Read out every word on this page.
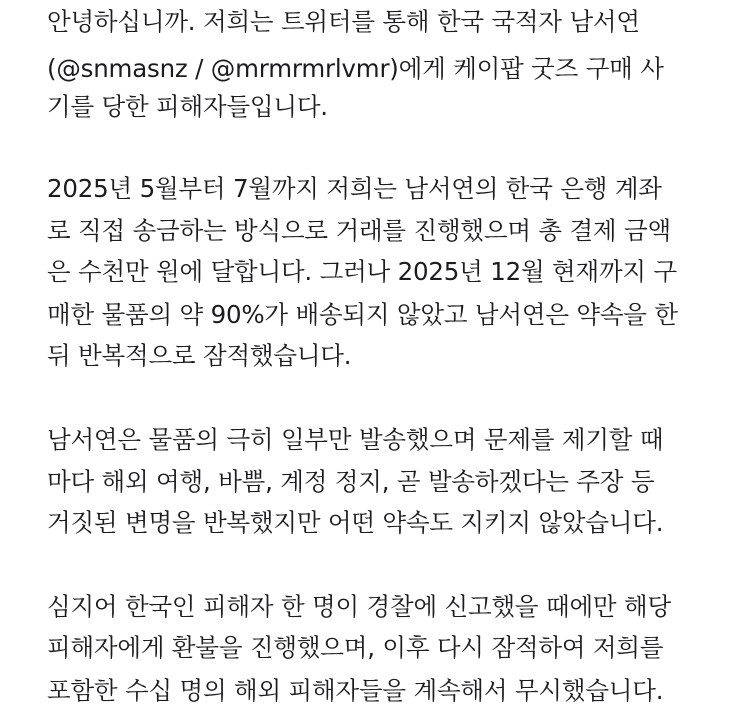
안녕하십니까. 저희는 트위터를 통해 한국 국적자 남서연
(@snmasnz / @mrmrmrlvmr)에게 케이팝 굿즈 구매 사
기를 당한 피해자들입니다.
2025년 5월부터 7월까지 저희는 남서연의 한국 은행 계좌
로 직접 송금하는 방식으로 거래를 진행했으며 총 결제 금액
은 수천만 원에 달합니다. 그러나 2025년 12월 현재까지 구
매한 물품의 약 90%가 배송되지 않았고 남서연은 약속을 한
뒤 반복적으로 잠적했습니다.
남서연은 물품의 극히 일부만 발송했으며 문제를 제기할 때
마다 해외 여행, 바쁨, 계정 정지, 곧 발송하겠다는 주장 등
거짓된 변명을 반복했지만 어떤 약속도 지키지 않았습니다.
심지어 한국인 피해자 한 명이 경찰에 신고했을 때에만 해당
피해자에게 환불을 진행했으며, 이후 다시 잠적하여 저희를
포함한 수십 명의 해외 피해자들을 계속해서 무시했습니다.
